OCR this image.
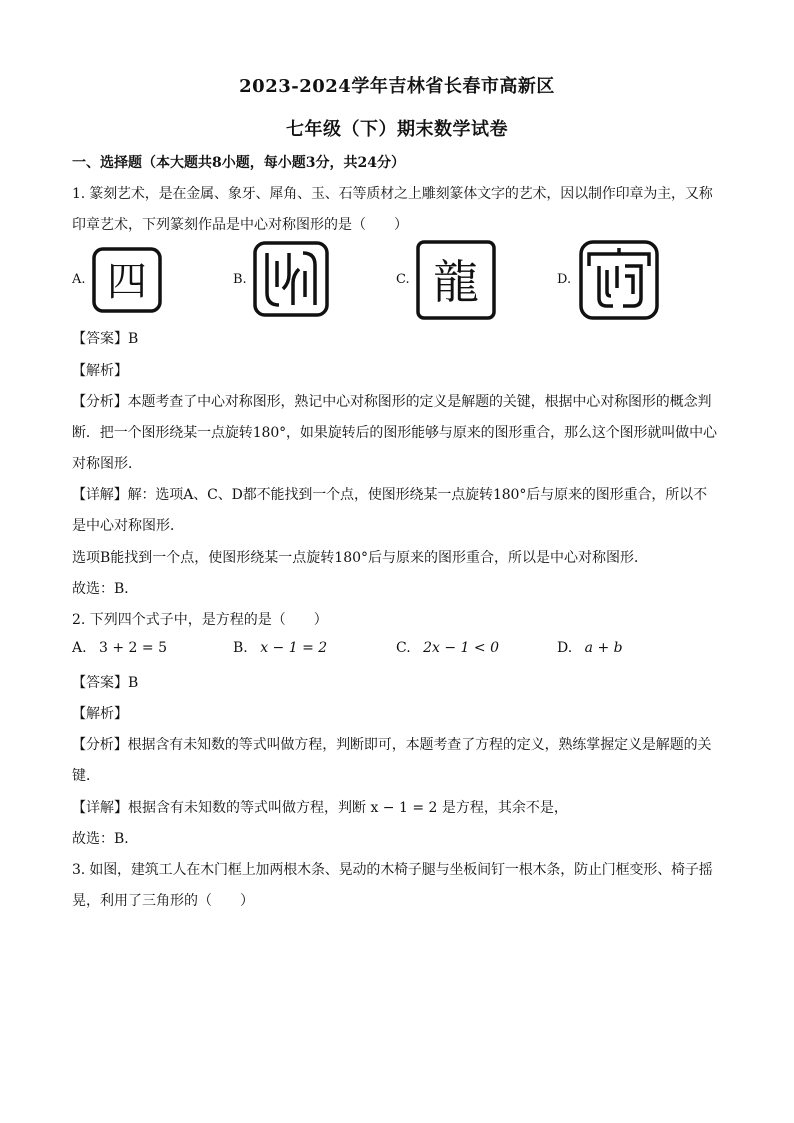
2023-2024学年吉林省长春市高新区
七年级（下）期末数学试卷
一、选择题（本大题共8小题，每小题3分，共24分）
1. 篆刻艺术，是在金属、象牙、犀角、玉、石等质材之上雕刻篆体文字的艺术，因以制作印章为主，又称
印章艺术，下列篆刻作品是中心对称图形的是（　　）
A. 四	B.	C. 龍	D.
【答案】B
【解析】
【分析】本题考查了中心对称图形，熟记中心对称图形的定义是解题的关键，根据中心对称图形的概念判
断．把一个图形绕某一点旋转180°，如果旋转后的图形能够与原来的图形重合，那么这个图形就叫做中心
对称图形．
【详解】解：选项A、C、D都不能找到一个点，使图形绕某一点旋转180°后与原来的图形重合，所以不
是中心对称图形．
选项B能找到一个点，使图形绕某一点旋转180°后与原来的图形重合，所以是中心对称图形．
故选：B．
2. 下列四个式子中，是方程的是（　　）
A. 3 + 2 = 5	B. x − 1 = 2	C. 2x − 1 < 0	D. a + b
【答案】B
【解析】
【分析】根据含有未知数的等式叫做方程，判断即可，本题考查了方程的定义，熟练掌握定义是解题的关
键．
【详解】根据含有未知数的等式叫做方程，判断 x − 1 = 2 是方程，其余不是，
故选：B．
3. 如图，建筑工人在木门框上加两根木条、晃动的木椅子腿与坐板间钉一根木条，防止门框变形、椅子摇
晃，利用了三角形的（　　）
